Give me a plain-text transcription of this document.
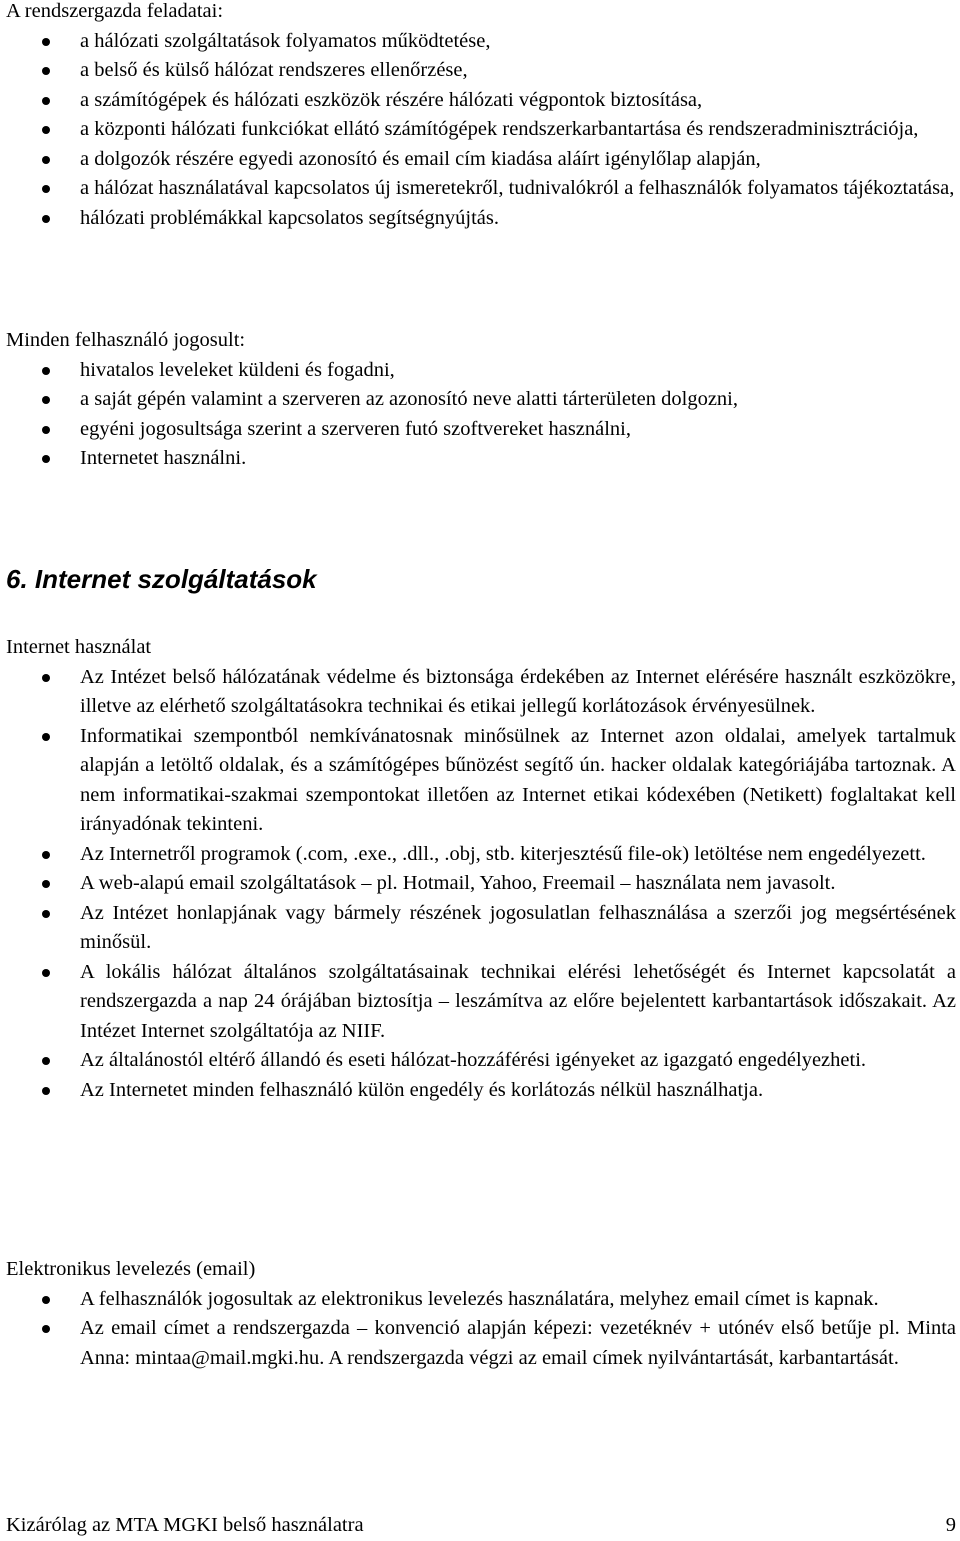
A rendszergazda feladatai:

a hálózati szolgáltatások folyamatos működtetése,
a belső és külső hálózat rendszeres ellenőrzése,
a számítógépek és hálózati eszközök részére hálózati végpontok biztosítása,
a központi hálózati funkciókat ellátó számítógépek rendszerkarbantartása és rendszeradminisztrációja,
a dolgozók részére egyedi azonosító és email cím kiadása aláírt igénylőlap alapján,
a hálózat használatával kapcsolatos új ismeretekről, tudnivalókról a felhasználók folyamatos tájékoztatása,
hálózati problémákkal kapcsolatos segítségnyújtás.

Minden felhasználó jogosult:

hivatalos leveleket küldeni és fogadni,
a saját gépén valamint a szerveren az azonosító neve alatti tárterületen dolgozni,
egyéni jogosultsága szerint a szerveren futó szoftvereket használni,
Internetet használni.
6. Internet szolgáltatások

Internet használat

Az Intézet belső hálózatának védelme és biztonsága érdekében az Internet elérésére használt eszközökre, illetve az elérhető szolgáltatásokra technikai és etikai jellegű korlátozások érvényesülnek.
Informatikai szempontból nemkívánatosnak minősülnek az Internet azon oldalai, amelyek tartalmuk alapján a letöltő oldalak, és a számítógépes bűnözést segítő ún. hacker oldalak kategóriájába tartoznak. A nem informatikai-szakmai szempontokat illetően az Internet etikai kódexében (Netikett) foglaltakat kell irányadónak tekinteni.
Az Internetről programok (.com, .exe., .dll., .obj, stb. kiterjesztésű file-ok) letöltése nem engedélyezett.
A web-alapú email szolgáltatások – pl. Hotmail, Yahoo, Freemail – használata nem javasolt.
Az Intézet honlapjának vagy bármely részének jogosulatlan felhasználása a szerzői jog megsértésének minősül.
A lokális hálózat általános szolgáltatásainak technikai elérési lehetőségét és Internet kapcsolatát a rendszergazda a nap 24 órájában biztosítja – leszámítva az előre bejelentett karbantartások időszakait. Az Intézet Internet szolgáltatója az NIIF.
Az általánostól eltérő állandó és eseti hálózat-hozzáférési igényeket az igazgató engedélyezheti.
Az Internetet minden felhasználó külön engedély és korlátozás nélkül használhatja.

Elektronikus levelezés (email)

A felhasználók jogosultak az elektronikus levelezés használatára, melyhez email címet is kapnak.
Az email címet a rendszergazda – konvenció alapján képezi: vezetéknév + utónév első betűje pl. Minta Anna: mintaa@mail.mgki.hu. A rendszergazda végzi az email címek nyilvántartását, karbantartását.
Kizárólag az MTA MGKI belső használatra	9
